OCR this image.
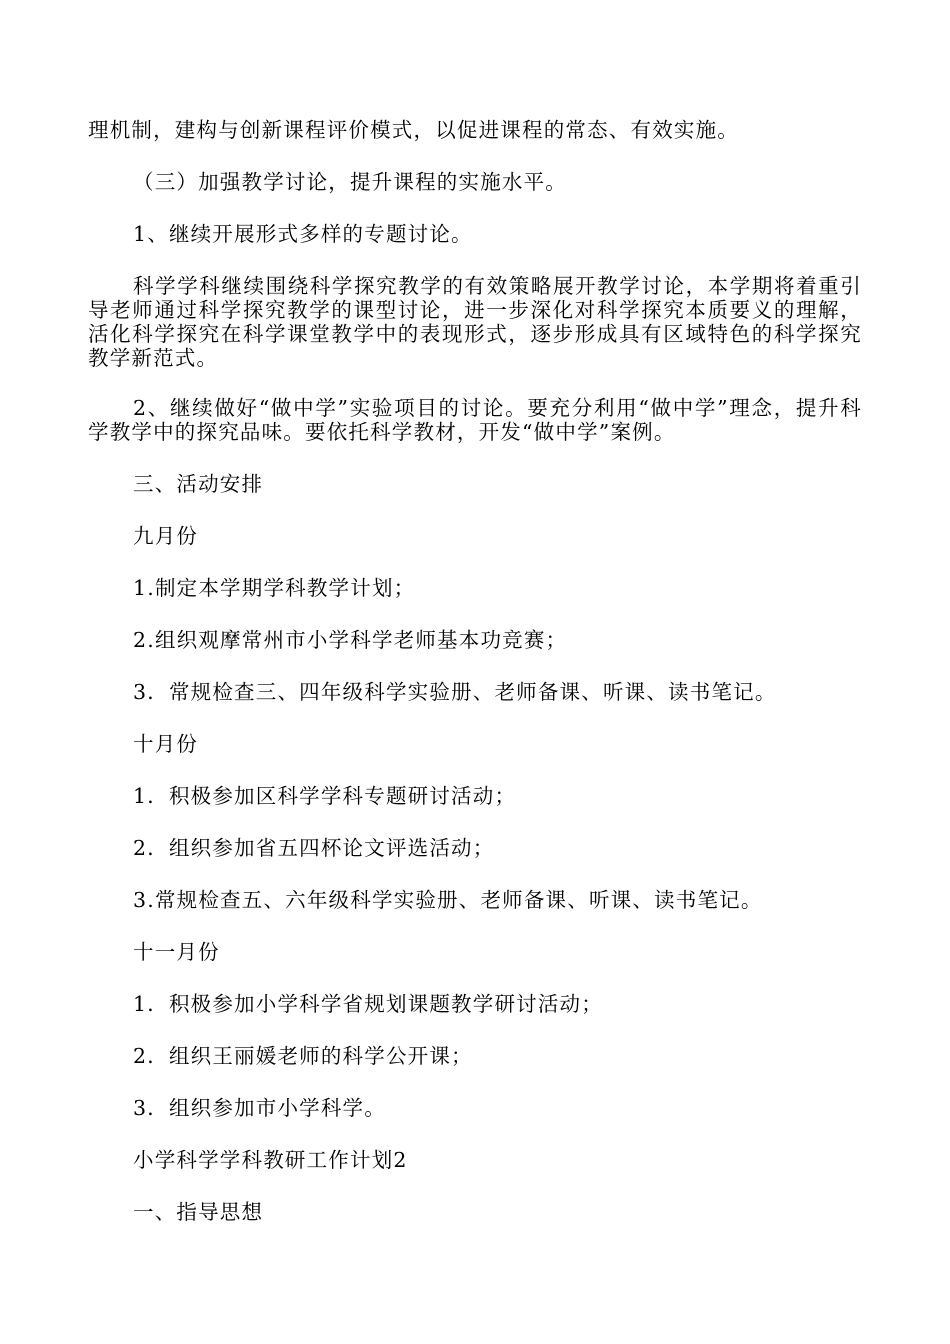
理机制，建构与创新课程评价模式，以促进课程的常态、有效实施。

（三）加强教学讨论，提升课程的实施水平。

1、继续开展形式多样的专题讨论。

科学学科继续围绕科学探究教学的有效策略展开教学讨论，本学期将着重引导老师通过科学探究教学的课型讨论，进一步深化对科学探究本质要义的理解，活化科学探究在科学课堂教学中的表现形式，逐步形成具有区域特色的科学探究教学新范式。

2、继续做好“做中学”实验项目的讨论。要充分利用“做中学”理念，提升科学教学中的探究品味。要依托科学教材，开发“做中学”案例。

三、活动安排

九月份

1.制定本学期学科教学计划；

2.组织观摩常州市小学科学老师基本功竞赛；

3．常规检查三、四年级科学实验册、老师备课、听课、读书笔记。

十月份

1．积极参加区科学学科专题研讨活动；

2．组织参加省五四杯论文评选活动；

3.常规检查五、六年级科学实验册、老师备课、听课、读书笔记。

十一月份

1．积极参加小学科学省规划课题教学研讨活动；

2．组织王丽媛老师的科学公开课；

3．组织参加市小学科学。

小学科学学科教研工作计划2

一、指导思想
